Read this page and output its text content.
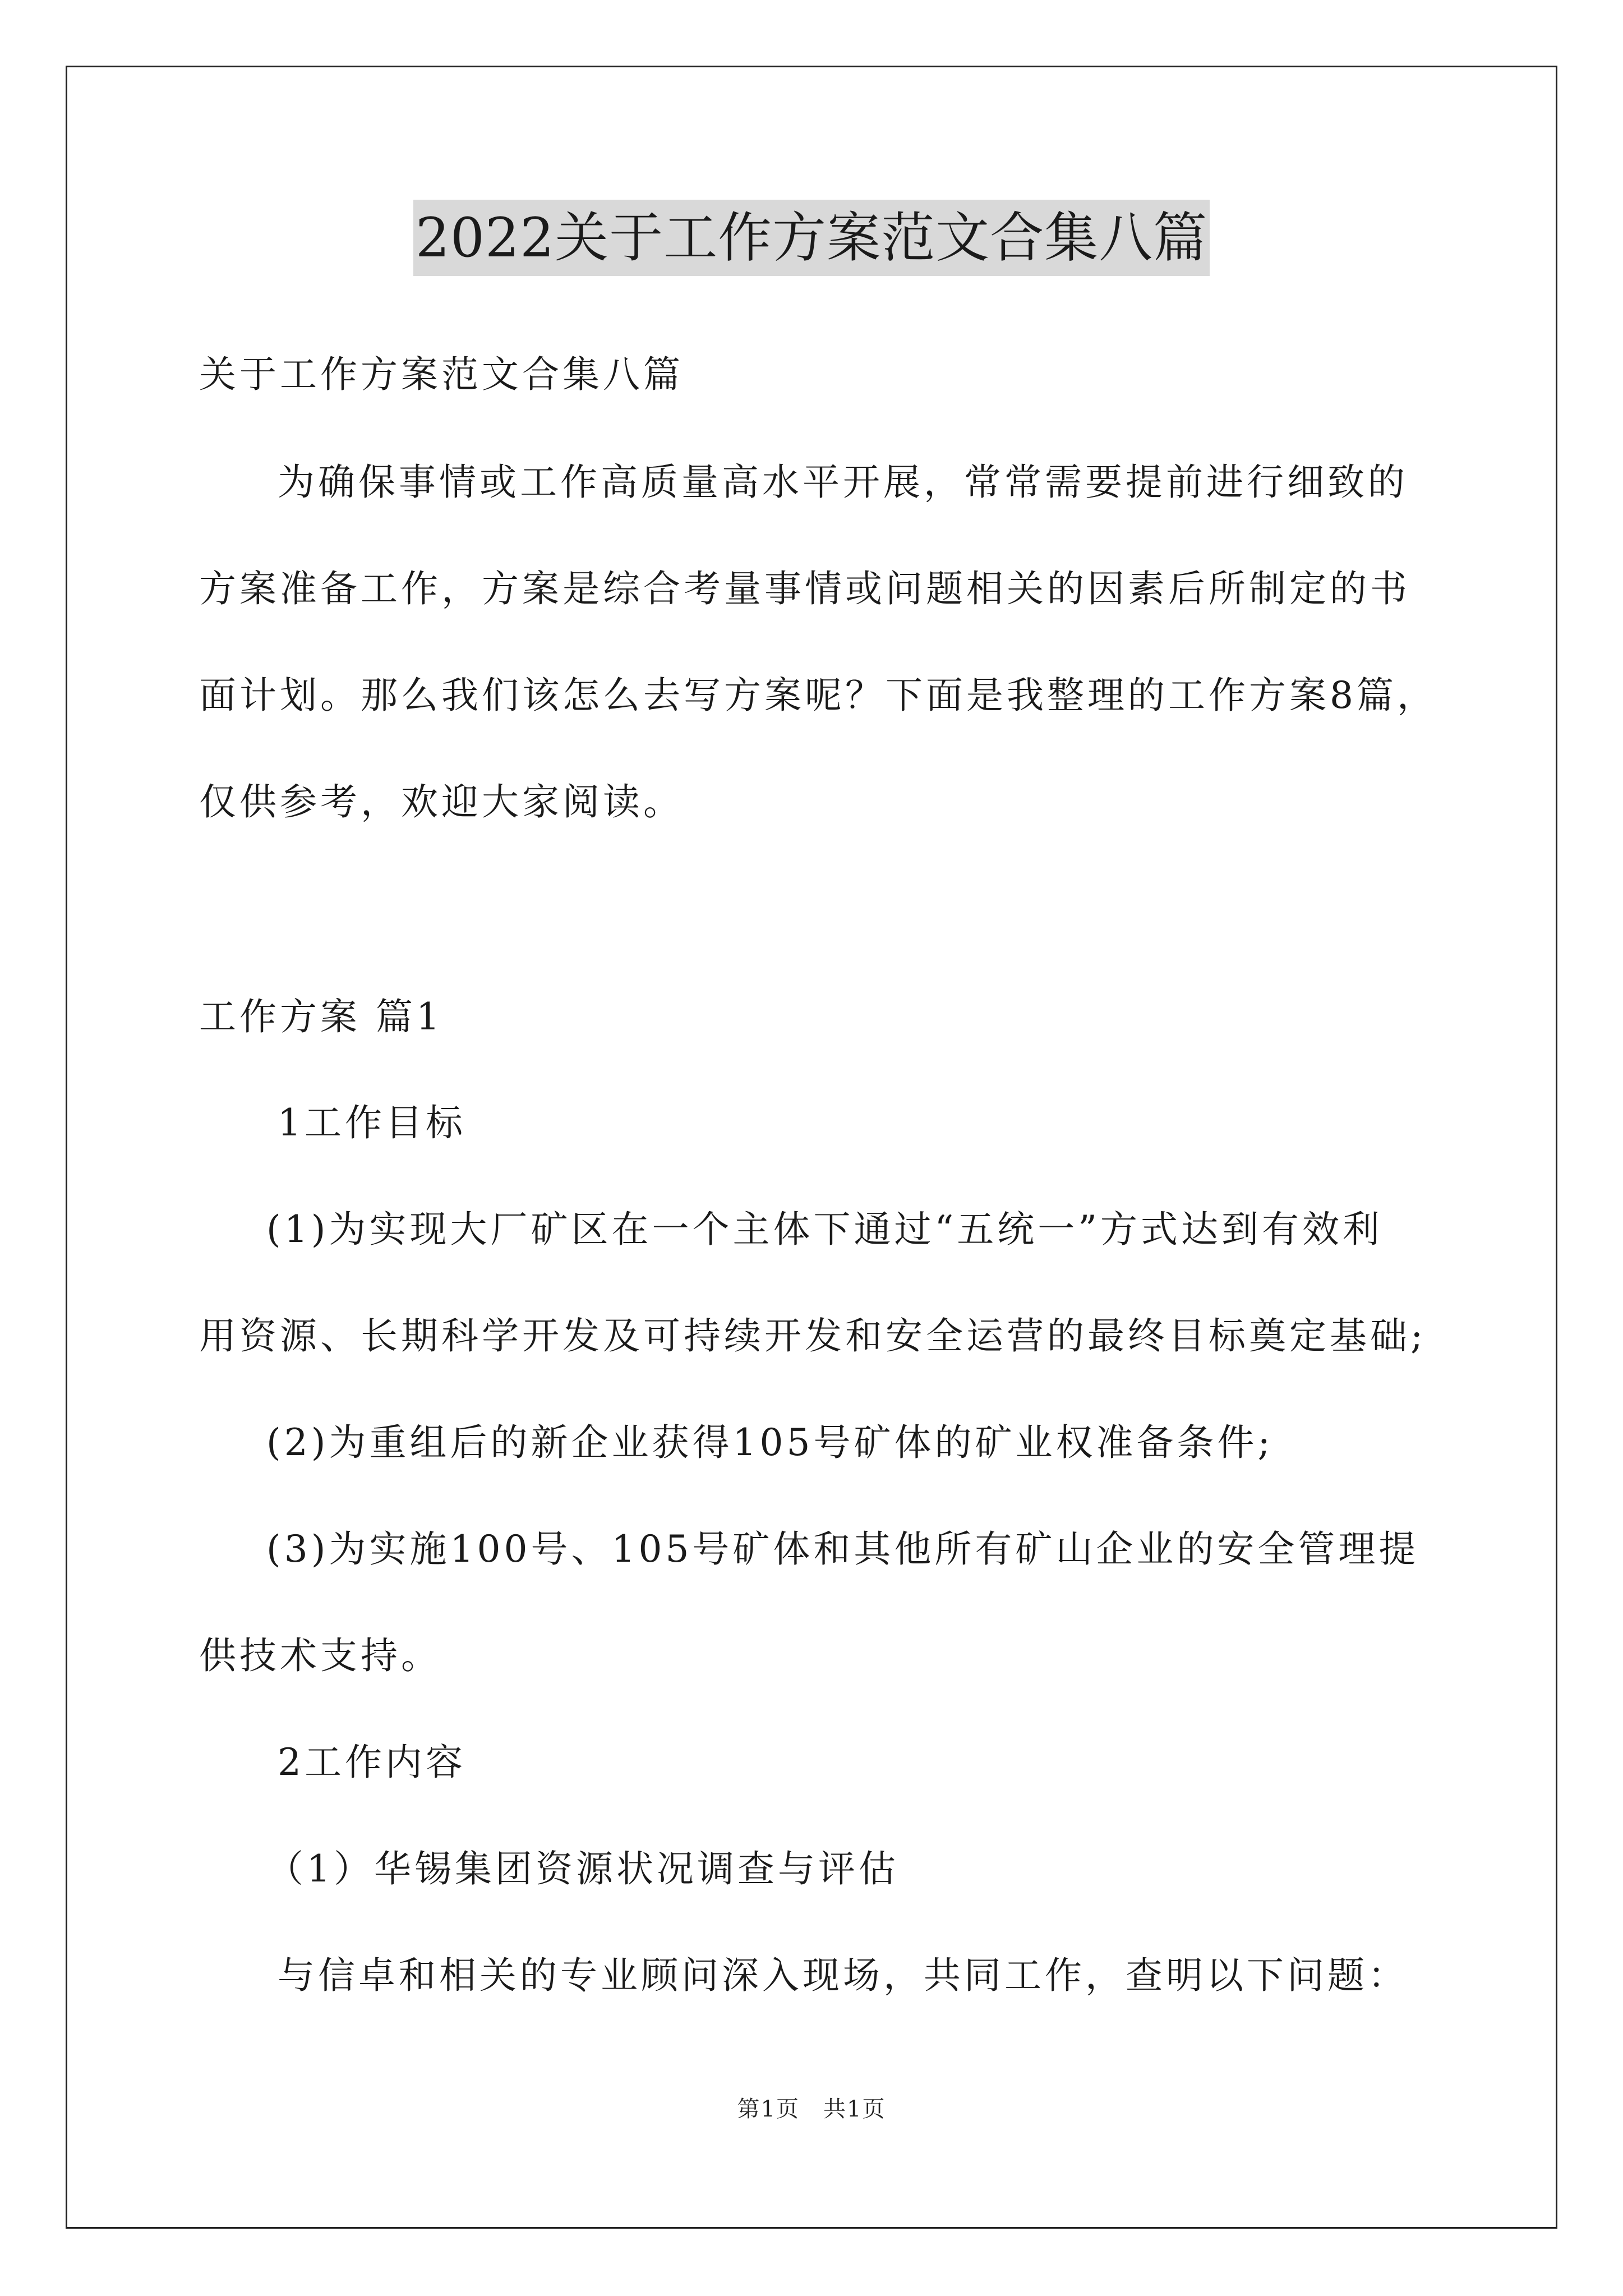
2022关于工作方案范文合集八篇
关于工作方案范文合集八篇
为确保事情或工作高质量高水平开展，常常需要提前进行细致的
方案准备工作，方案是综合考量事情或问题相关的因素后所制定的书
面计划。那么我们该怎么去写方案呢？下面是我整理的工作方案8篇，
仅供参考，欢迎大家阅读。
工作方案 篇1
1工作目标
(1)为实现大厂矿区在一个主体下通过“五统一”方式达到有效利
用资源、长期科学开发及可持续开发和安全运营的最终目标奠定基础;
(2)为重组后的新企业获得105号矿体的矿业权准备条件;
(3)为实施100号、105号矿体和其他所有矿山企业的安全管理提
供技术支持。
2工作内容
（1）华锡集团资源状况调查与评估
与信卓和相关的专业顾问深入现场，共同工作，查明以下问题：
第1页　共1页
